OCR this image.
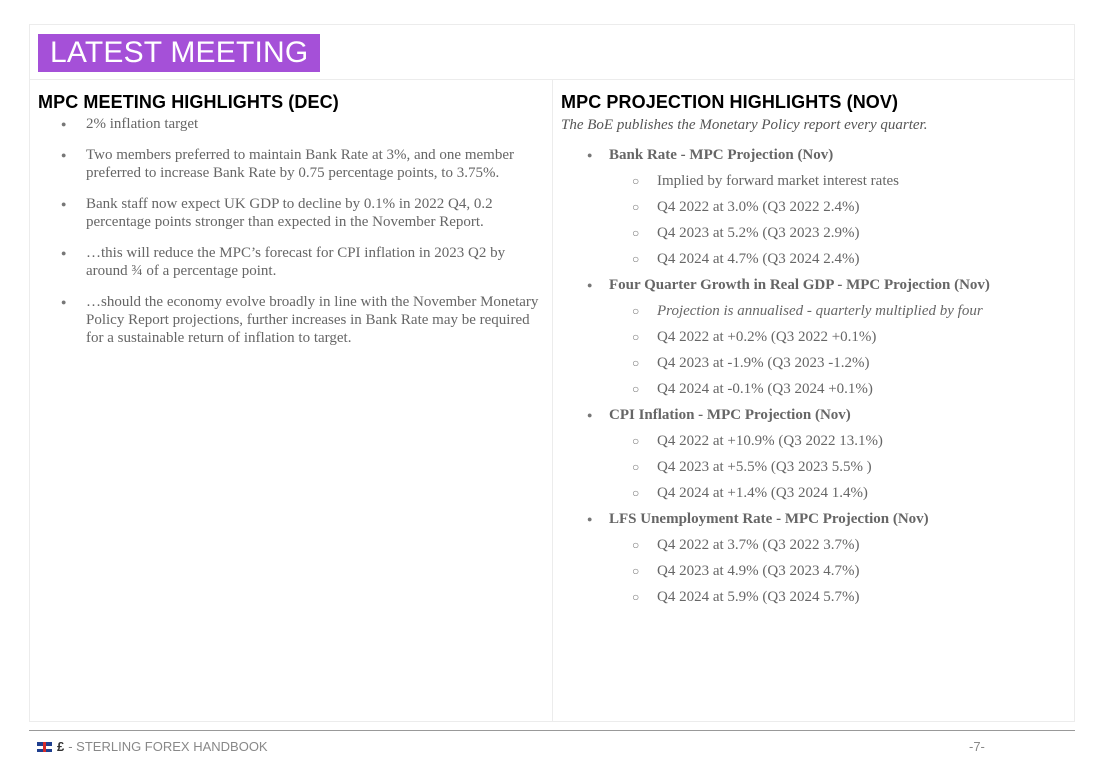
LATEST MEETING
MPC MEETING HIGHLIGHTS (DEC)
● 2% inflation target
● Two members preferred to maintain Bank Rate at 3%, and one member preferred to increase Bank Rate by 0.75 percentage points, to 3.75%.
● Bank staff now expect UK GDP to decline by 0.1% in 2022 Q4, 0.2 percentage points stronger than expected in the November Report.
● …this will reduce the MPC’s forecast for CPI inflation in 2023 Q2 by around ¾ of a percentage point.
● …should the economy evolve broadly in line with the November Monetary Policy Report projections, further increases in Bank Rate may be required for a sustainable return of inflation to target.
MPC PROJECTION HIGHLIGHTS (NOV)
The BoE publishes the Monetary Policy report every quarter.
● Bank Rate - MPC Projection (Nov)
○ Implied by forward market interest rates
○ Q4 2022 at 3.0% (Q3 2022 2.4%)
○ Q4 2023 at 5.2% (Q3 2023 2.9%)
○ Q4 2024 at 4.7% (Q3 2024 2.4%)
● Four Quarter Growth in Real GDP - MPC Projection (Nov)
○ Projection is annualised - quarterly multiplied by four
○ Q4 2022 at +0.2% (Q3 2022 +0.1%)
○ Q4 2023 at -1.9% (Q3 2023 -1.2%)
○ Q4 2024 at -0.1% (Q3 2024 +0.1%)
● CPI Inflation - MPC Projection (Nov)
○ Q4 2022 at +10.9% (Q3 2022 13.1%)
○ Q4 2023 at +5.5% (Q3 2023 5.5% )
○ Q4 2024 at +1.4% (Q3 2024 1.4%)
● LFS Unemployment Rate - MPC Projection (Nov)
○ Q4 2022 at 3.7% (Q3 2022 3.7%)
○ Q4 2023 at 4.9% (Q3 2023 4.7%)
○ Q4 2024 at 5.9% (Q3 2024 5.7%)
£ - STERLING FOREX HANDBOOK	-7-
